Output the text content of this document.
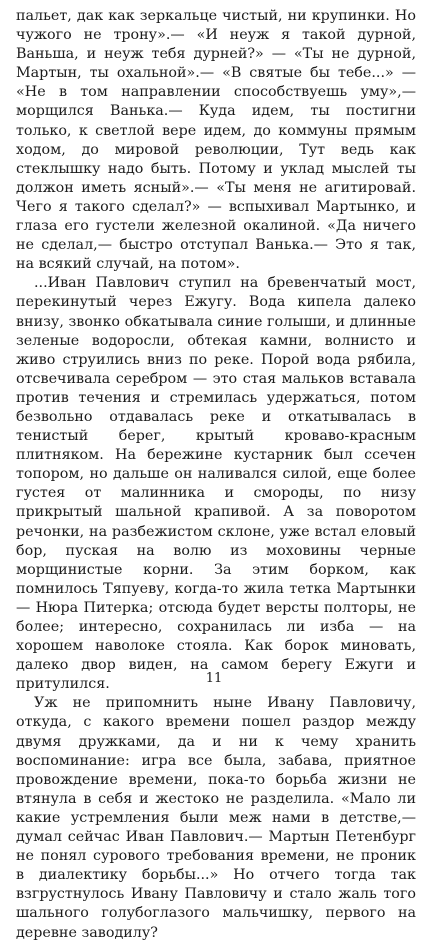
пальет, дак как зеркальце чистый, ни крупинки. Но чужого не трону».— «И неуж я такой дурной, Ваньша, и неуж тебя дурней?» — «Ты не дурной, Мартын, ты охальной».— «В святые бы тебе...» — «Не в том направлении способствуешь уму»,— морщился Ванька.— Куда идем, ты постигни только, к светлой вере идем, до коммуны прямым ходом, до мировой революции, Тут ведь как стеклышку надо быть. Потому и уклад мыслей ты должон иметь ясный».— «Ты меня не агитировай. Чего я такого сделал?» — вспыхивал Мартынко, и глаза его густели железной окалиной. «Да ничего не сделал,— быстро отступал Ванька.— Это я так, на всякий случай, на потом».

...Иван Павлович ступил на бревенчатый мост, перекинутый через Ежугу. Вода кипела далеко внизу, звонко обкатывала синие голыши, и длинные зеленые водоросли, обтекая камни, волнисто и живо струились вниз по реке. Порой вода рябила, отсвечивала серебром — это стая мальков вставала против течения и стремилась удержаться, потом безвольно отдавалась реке и откатывалась в тенистый берег, крытый кроваво-красным плитняком. На бережине кустарник был ссечен топором, но дальше он наливался силой, еще более густея от малинника и смороды, по низу прикрытый шальной крапивой. А за поворотом речонки, на разбежистом склоне, уже встал еловый бор, пуская на волю из моховины черные морщинистые корни. За этим борком, как помнилось Тяпуеву, когда-то жила тетка Мартынки — Нюра Питерка; отсюда будет версты полторы, не более; интересно, сохранилась ли изба — на хорошем наволоке стояла. Как борок миновать, далеко двор виден, на самом берегу Ежуги и притулился.

Уж не припомнить ныне Ивану Павловичу, откуда, с какого времени пошел раздор между двумя дружками, да и ни к чему хранить воспоминание: игра все была, забава, приятное провождение времени, пока-то борьба жизни не втянула в себя и жестоко не разделила. «Мало ли какие устремления были меж нами в детстве,— думал сейчас Иван Павлович.— Мартын Петенбург не понял сурового требования времени, не проник в диалектику борьбы...» Но отчего тогда так взгрустнулось Ивану Павловичу и стало жаль того шального голубоглазого мальчишку, первого на деревне заводилу?

11
